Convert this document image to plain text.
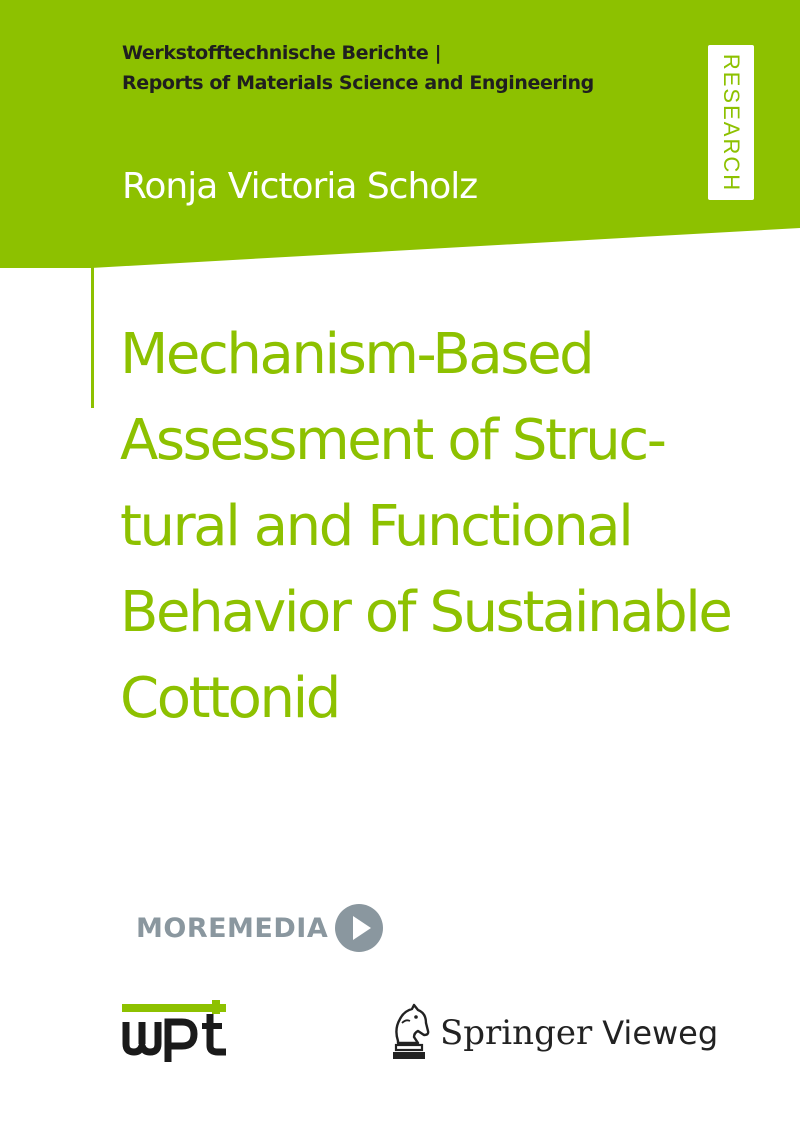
Werkstofftechnische Berichte |
Reports of Materials Science and Engineering
Ronja Victoria Scholz	RESEARCH
Mechanism-Based
Assessment of Struc-
tural and Functional
Behavior of Sustainable
Cottonid
MOREMEDIA
Springer Vieweg
